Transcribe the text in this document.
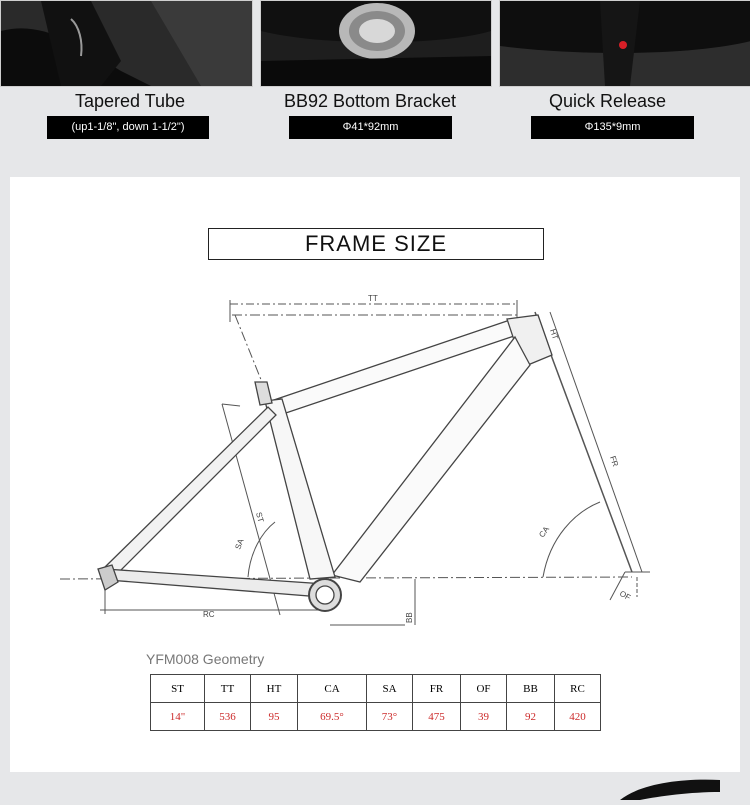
Tapered Tube
(up1-1/8", down 1-1/2")
BB92 Bottom Bracket
Φ41*92mm
Quick Release
Φ135*9mm
FRAME SIZE
TT
HT
FR
CA
ST
SA
RC	BB
OF
YFM008 Geometry
ST	TT	HT	CA	SA	FR	OF	BB	RC
14"	536	95	69.5°	73°	475	39	92	420
